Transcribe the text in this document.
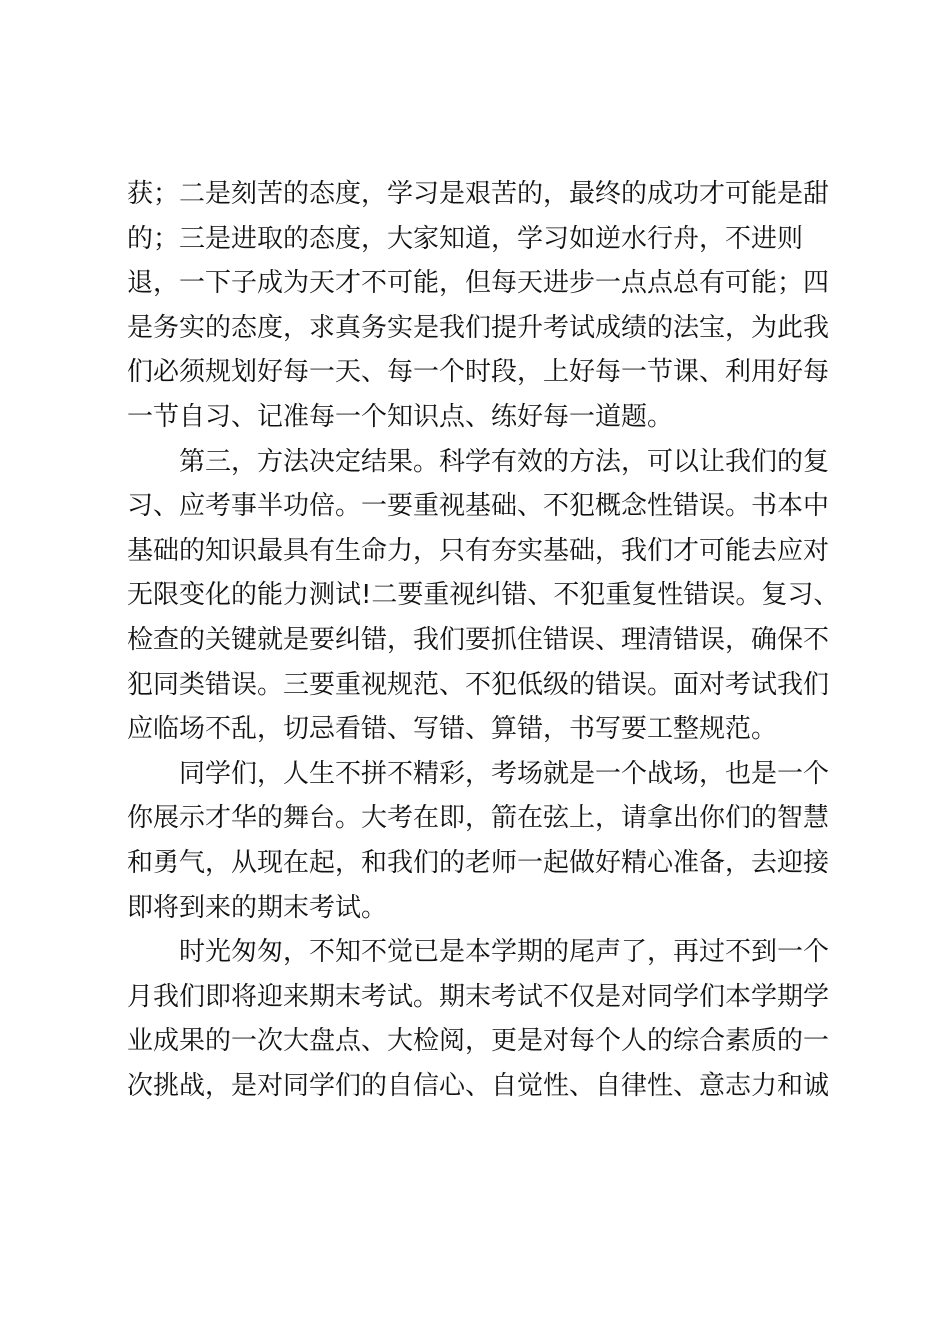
获；二是刻苦的态度，学习是艰苦的，最终的成功才可能是甜
的；三是进取的态度，大家知道，学习如逆水行舟，不进则
退，一下子成为天才不可能，但每天进步一点点总有可能；四
是务实的态度，求真务实是我们提升考试成绩的法宝，为此我
们必须规划好每一天、每一个时段，上好每一节课、利用好每
一节自习、记准每一个知识点、练好每一道题。
第三，方法决定结果。科学有效的方法，可以让我们的复
习、应考事半功倍。一要重视基础、不犯概念性错误。书本中
基础的知识最具有生命力，只有夯实基础，我们才可能去应对
无限变化的能力测试!二要重视纠错、不犯重复性错误。复习、
检查的关键就是要纠错，我们要抓住错误、理清错误，确保不
犯同类错误。三要重视规范、不犯低级的错误。面对考试我们
应临场不乱，切忌看错、写错、算错，书写要工整规范。
同学们，人生不拼不精彩，考场就是一个战场，也是一个
你展示才华的舞台。大考在即，箭在弦上，请拿出你们的智慧
和勇气，从现在起，和我们的老师一起做好精心准备，去迎接
即将到来的期末考试。
时光匆匆，不知不觉已是本学期的尾声了，再过不到一个
月我们即将迎来期末考试。期末考试不仅是对同学们本学期学
业成果的一次大盘点、大检阅，更是对每个人的综合素质的一
次挑战，是对同学们的自信心、自觉性、自律性、意志力和诚
